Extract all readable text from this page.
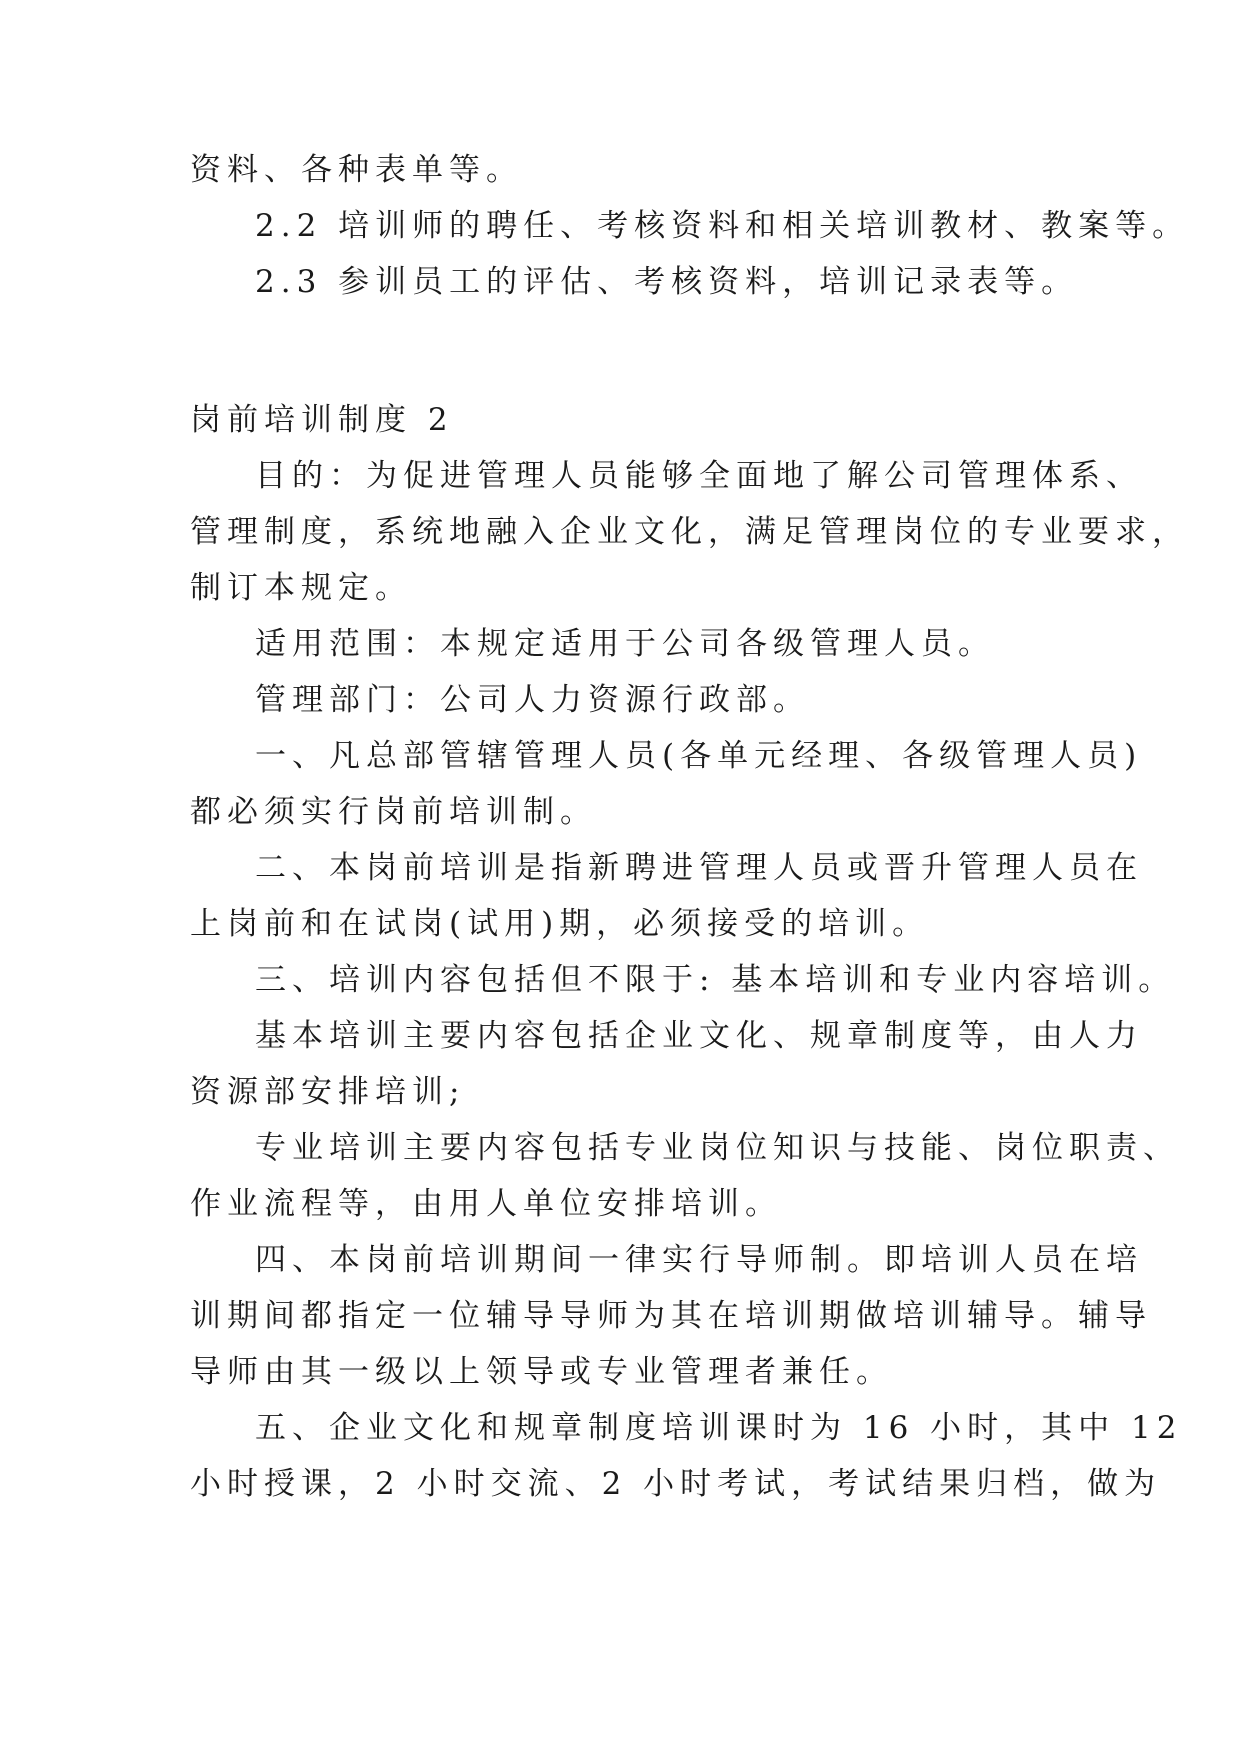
资料、各种表单等。
2.2 培训师的聘任、考核资料和相关培训教材、教案等。
2.3 参训员工的评估、考核资料，培训记录表等。
岗前培训制度 2
目的：为促进管理人员能够全面地了解公司管理体系、
管理制度，系统地融入企业文化，满足管理岗位的专业要求，
制订本规定。
适用范围：本规定适用于公司各级管理人员。
管理部门：公司人力资源行政部。
一、凡总部管辖管理人员(各单元经理、各级管理人员)
都必须实行岗前培训制。
二、本岗前培训是指新聘进管理人员或晋升管理人员在
上岗前和在试岗(试用)期，必须接受的培训。
三、培训内容包括但不限于: 基本培训和专业内容培训。
基本培训主要内容包括企业文化、规章制度等，由人力
资源部安排培训;
专业培训主要内容包括专业岗位知识与技能、岗位职责、
作业流程等，由用人单位安排培训。
四、本岗前培训期间一律实行导师制。即培训人员在培
训期间都指定一位辅导导师为其在培训期做培训辅导。辅导
导师由其一级以上领导或专业管理者兼任。
五、企业文化和规章制度培训课时为 16 小时，其中 12
小时授课，2 小时交流、2 小时考试，考试结果归档，做为
